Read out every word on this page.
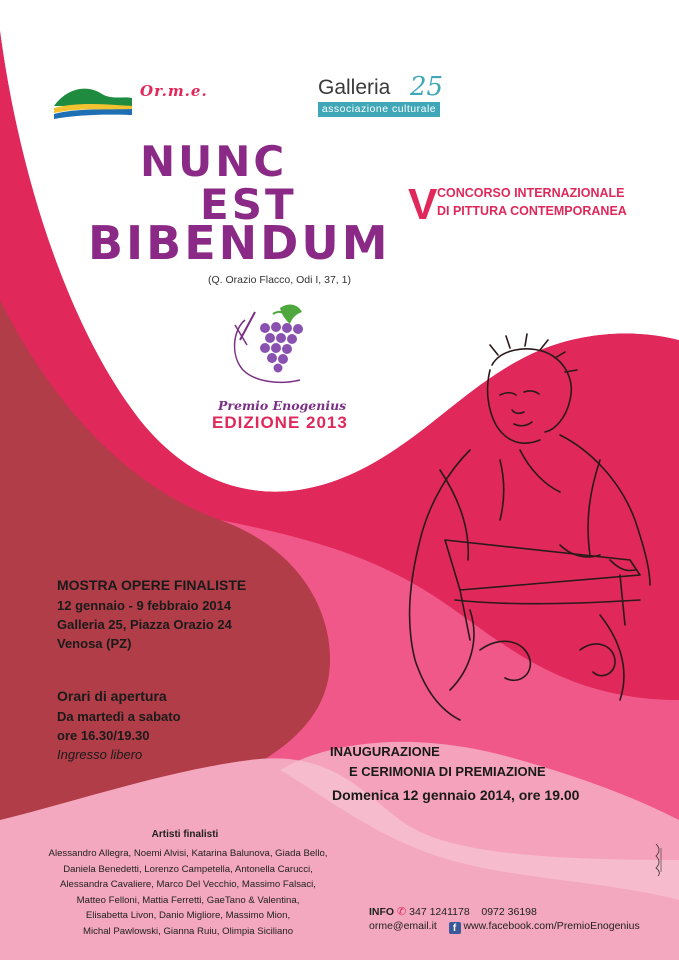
Or.m.e.	Galleria 25
associazione culturale
NUNC
EST
BIBENDUM
(Q. Orazio Flacco, Odi I, 37, 1)
V CONCORSO INTERNAZIONALE
DI PITTURA CONTEMPORANEA
Premio Enogenius
EDIZIONE 2013
MOSTRA OPERE FINALISTE
12 gennaio - 9 febbraio 2014
Galleria 25, Piazza Orazio 24
Venosa (PZ)
Orari di apertura
Da martedì a sabato
ore 16.30/19.30
Ingresso libero	INAUGURAZIONE
E CERIMONIA DI PREMIAZIONE
Domenica 12 gennaio 2014, ore 19.00
Artisti finalisti
Alessandro Allegra, Noemi Alvisi, Katarina Balunova, Giada Bello,
Daniela Benedetti, Lorenzo Campetella, Antonella Carucci,
Alessandra Cavaliere, Marco Del Vecchio, Massimo Falsaci,
Matteo Felloni, Mattia Ferretti, GaeTano & Valentina,
Elisabetta Livon, Danio Migliore, Massimo Mion,
Michal Pawlowski, Gianna Ruiu, Olimpia Siciliano
INFO ✆ 347 1241178 0972 36198
orme@email.it f www.facebook.com/PremioEnogenius
